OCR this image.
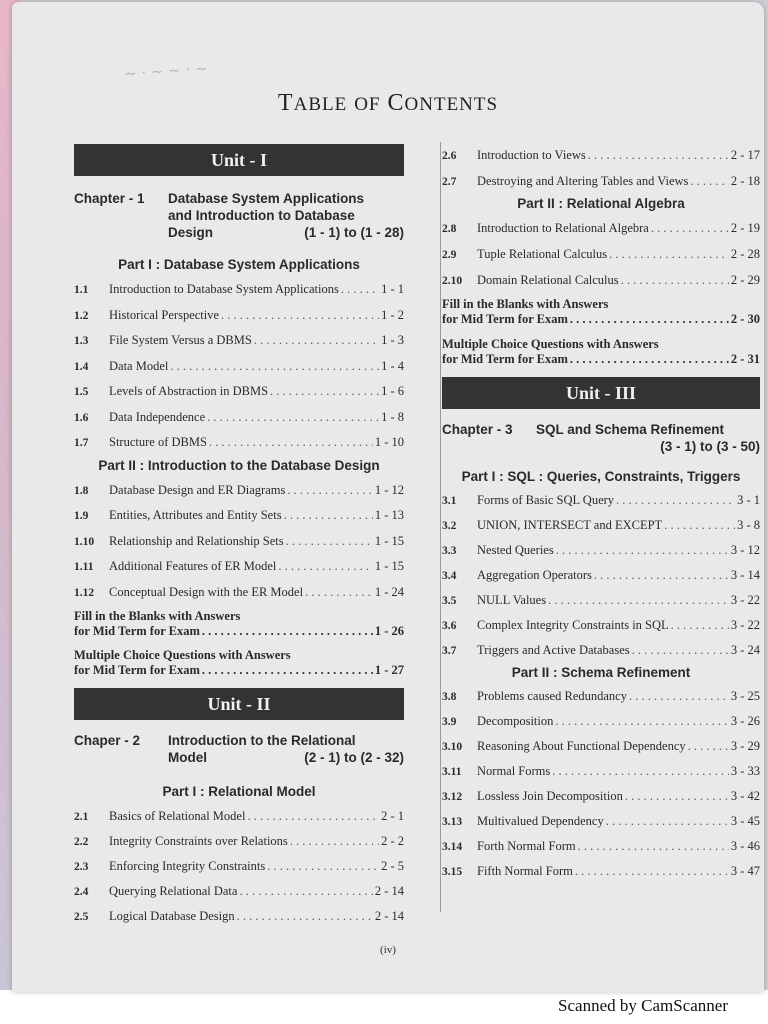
~ · ~ ~ · ~
TABLE OF CONTENTS
Unit - I
Chapter - 1	Database System Applications
and Introduction to Database
Design	(1 - 1) to (1 - 28)
Part I : Database System Applications
1.1	Introduction to Database System Applications . . .	1 - 1
1.2	Historical Perspective . . .	1 - 2
1.3	File System Versus a DBMS . . .	1 - 3
1.4	Data Model . . .	1 - 4
1.5	Levels of Abstraction in DBMS . . .	1 - 6
1.6	Data Independence . . .	1 - 8
1.7	Structure of DBMS . . .	1 - 10
Part II : Introduction to the Database Design
1.8	Database Design and ER Diagrams . . .	1 - 12
1.9	Entities, Attributes and Entity Sets . . .	1 - 13
1.10	Relationship and Relationship Sets . . .	1 - 15
1.11	Additional Features of ER Model . . .	1 - 15
1.12	Conceptual Design with the ER Model . . .	1 - 24
Fill in the Blanks with Answers
for Mid Term for Exam . . .	1 - 26
Multiple Choice Questions with Answers
for Mid Term for Exam . . .	1 - 27
Unit - II
Chaper - 2	Introduction to the Relational
Model	(2 - 1) to (2 - 32)
Part I : Relational Model
2.1	Basics of Relational Model . . .	2 - 1
2.2	Integrity Constraints over Relations . . .	2 - 2
2.3	Enforcing Integrity Constraints . . .	2 - 5
2.4	Querying Relational Data . . .	2 - 14
2.5	Logical Database Design . . .	2 - 14
2.6	Introduction to Views . . .	2 - 17
2.7	Destroying and Altering Tables and Views . . .	2 - 18
Part II : Relational Algebra
2.8	Introduction to Relational Algebra . . .	2 - 19
2.9	Tuple Relational Calculus . . .	2 - 28
2.10	Domain Relational Calculus . . .	2 - 29
Fill in the Blanks with Answers
for Mid Term for Exam . . .	2 - 30
Multiple Choice Questions with Answers
for Mid Term for Exam . . .	2 - 31
Unit - III
Chapter - 3	SQL and Schema Refinement
(3 - 1) to (3 - 50)
Part I : SQL : Queries, Constraints, Triggers
3.1	Forms of Basic SQL Query . . .	3 - 1
3.2	UNION, INTERSECT and EXCEPT . . .	3 - 8
3.3	Nested Queries . . .	3 - 12
3.4	Aggregation Operators . . .	3 - 14
3.5	NULL Values . . .	3 - 22
3.6	Complex Integrity Constraints in SQL . . .	3 - 22
3.7	Triggers and Active Databases . . .	3 - 24
Part II : Schema Refinement
3.8	Problems caused Redundancy . . .	3 - 25
3.9	Decomposition . . .	3 - 26
3.10	Reasoning About Functional Dependency . . .	3 - 29
3.11	Normal Forms . . .	3 - 33
3.12	Lossless Join Decomposition . . .	3 - 42
3.13	Multivalued Dependency . . .	3 - 45
3.14	Forth Normal Form . . .	3 - 46
3.15	Fifth Normal Form . . .	3 - 47
(iv)
Scanned by CamScanner
